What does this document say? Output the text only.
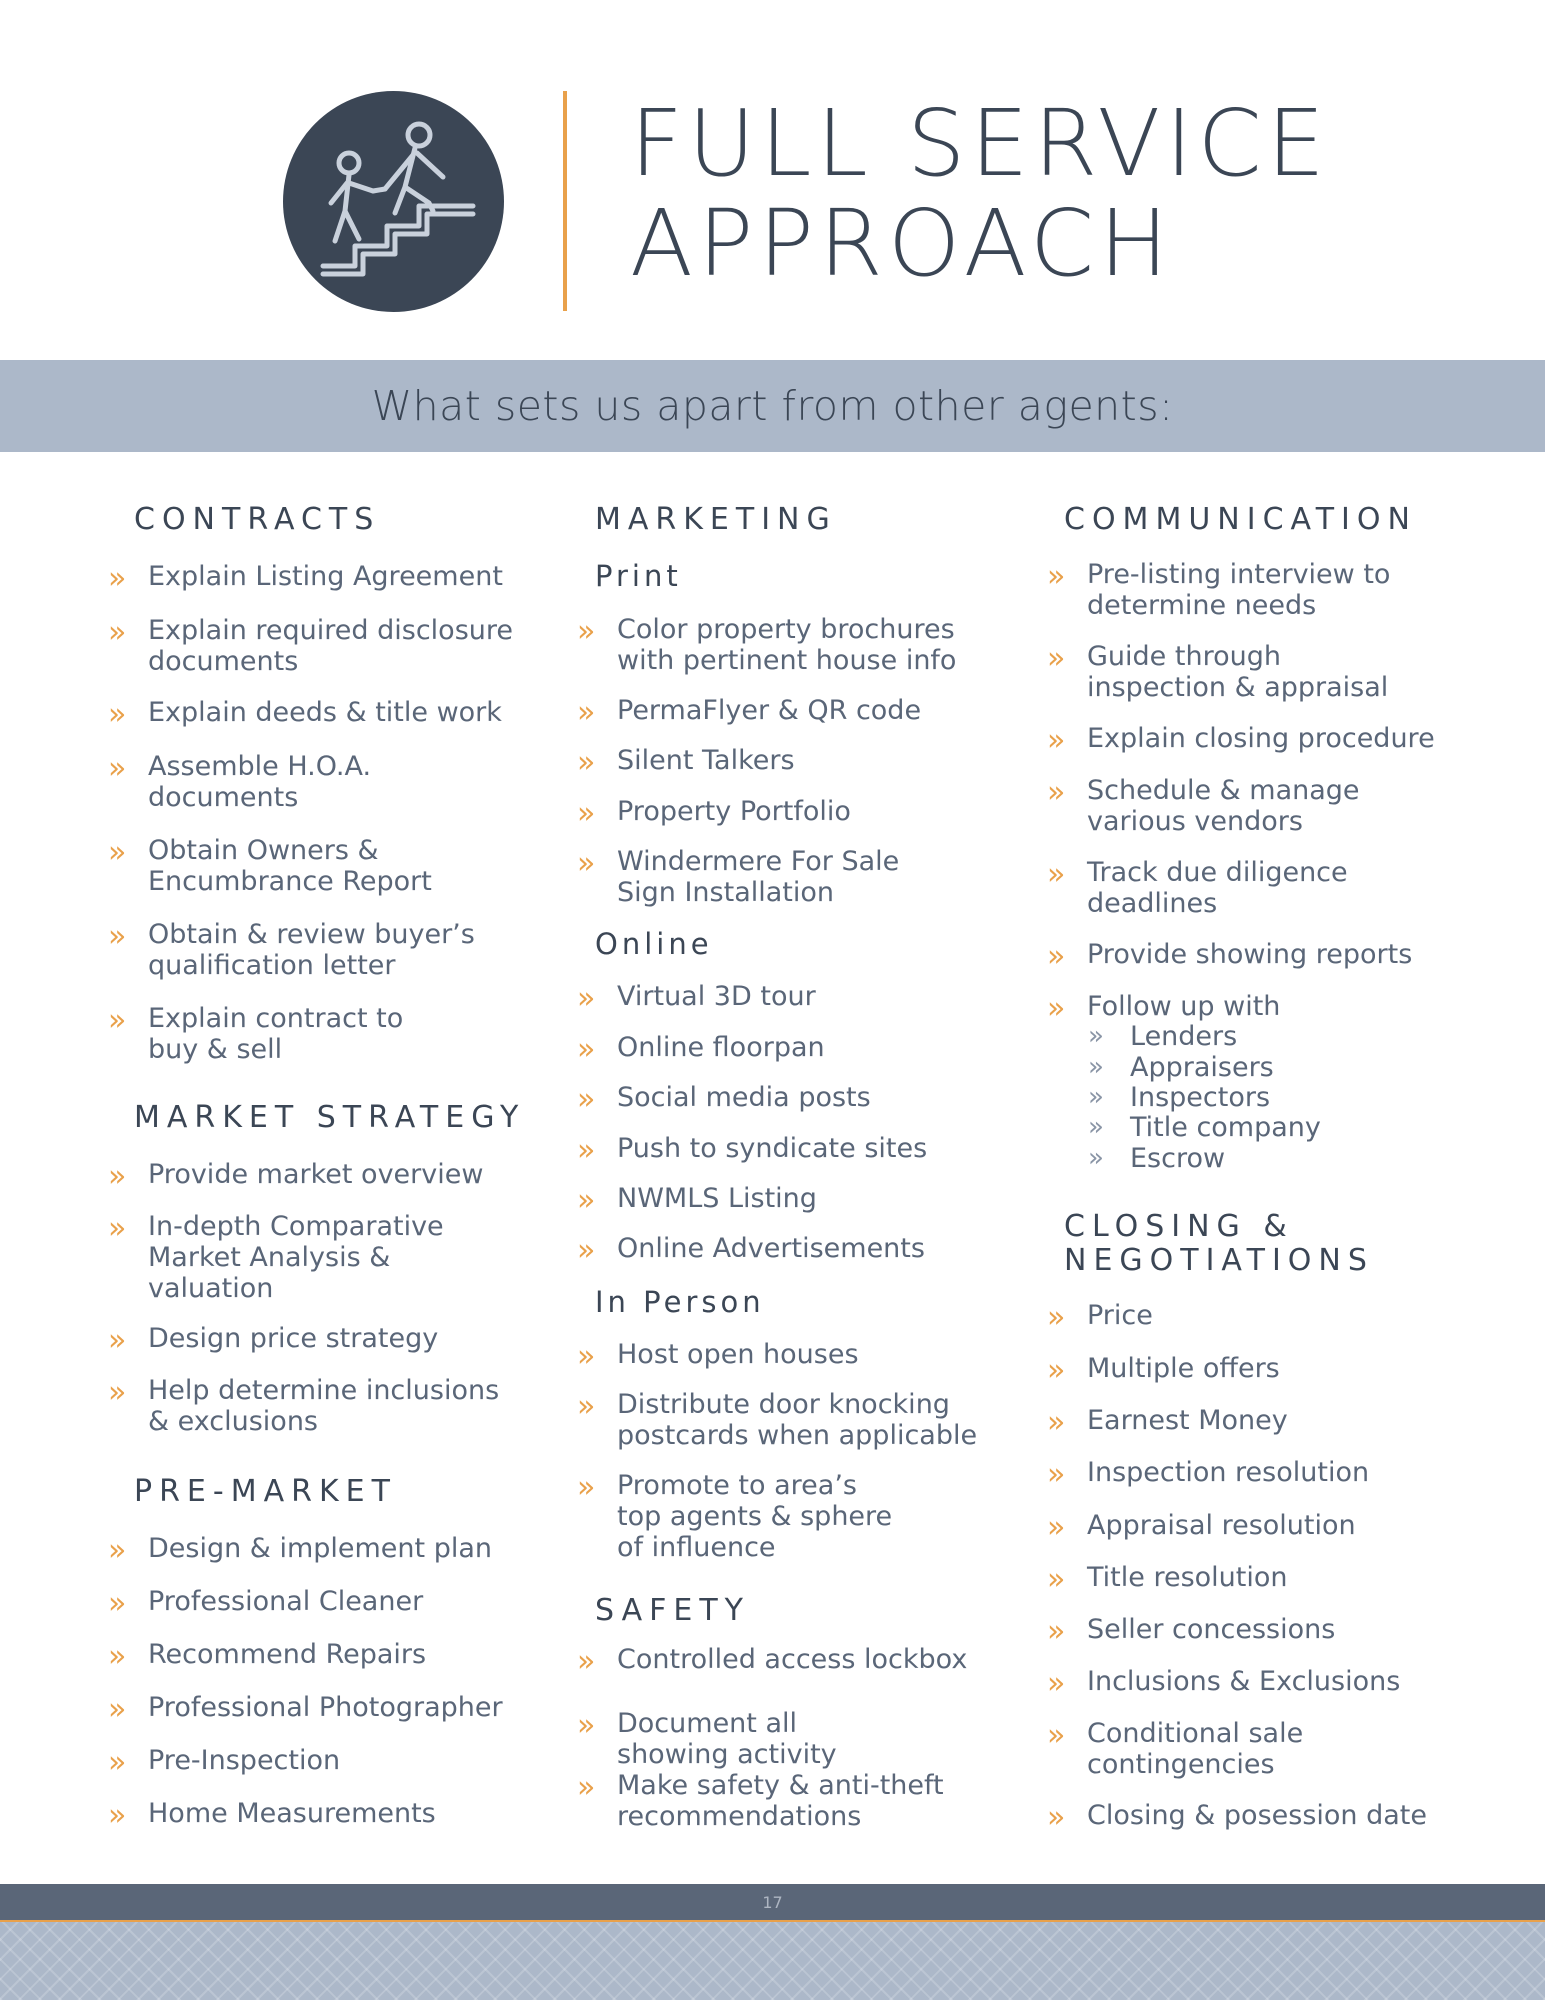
FULL SERVICE
APPROACH
What sets us apart from other agents:
CONTRACTS
» Explain Listing Agreement
» Explain required disclosure
documents
» Explain deeds & title work
» Assemble H.O.A.
documents
» Obtain Owners &
Encumbrance Report
» Obtain & review buyer’s
qualification letter
» Explain contract to
buy & sell
MARKET STRATEGY
» Provide market overview
» In-depth Comparative
Market Analysis &
valuation
» Design price strategy
» Help determine inclusions
& exclusions
PRE-MARKET
» Design & implement plan
» Professional Cleaner
» Recommend Repairs
» Professional Photographer
» Pre-Inspection
» Home Measurements
MARKETING
Print
» Color property brochures
with pertinent house info
» PermaFlyer & QR code
» Silent Talkers
» Property Portfolio
» Windermere For Sale
Sign Installation
Online
» Virtual 3D tour
» Online floorpan
» Social media posts
» Push to syndicate sites
» NWMLS Listing
» Online Advertisements
In Person
» Host open houses
» Distribute door knocking
postcards when applicable
» Promote to area’s
top agents & sphere
of influence
SAFETY
» Controlled access lockbox
» Document all
showing activity
» Make safety & anti-theft
recommendations
COMMUNICATION
» Pre-listing interview to
determine needs
» Guide through
inspection & appraisal
» Explain closing procedure
» Schedule & manage
various vendors
» Track due diligence
deadlines
» Provide showing reports
» Follow up with
» Lenders
» Appraisers
» Inspectors
» Title company
» Escrow
CLOSING &
NEGOTIATIONS
» Price
» Multiple offers
» Earnest Money
» Inspection resolution
» Appraisal resolution
» Title resolution
» Seller concessions
» Inclusions & Exclusions
» Conditional sale
contingencies
» Closing & posession date
17
